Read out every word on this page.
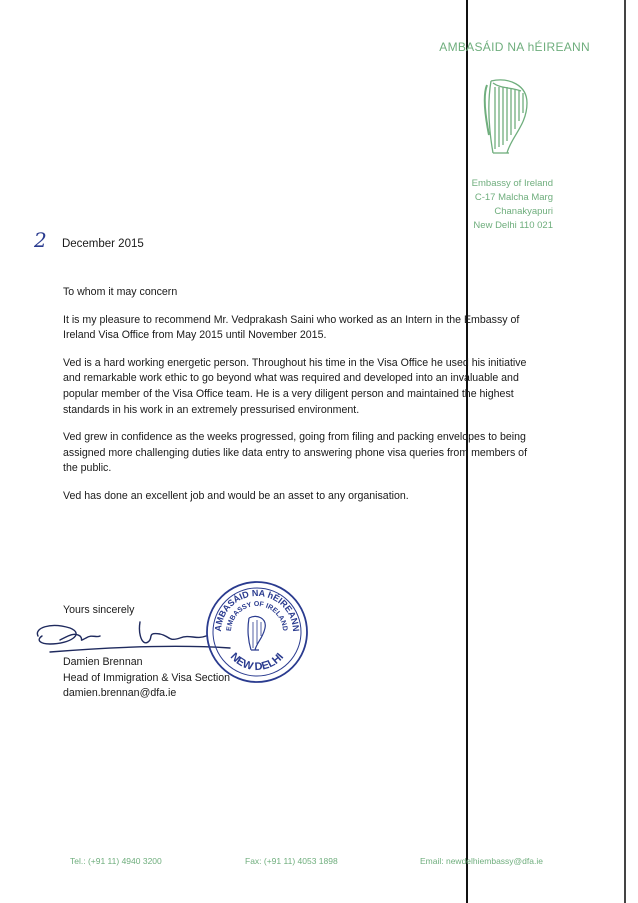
AMBASÁID NA hÉIREANN
Embassy of Ireland
C-17 Malcha Marg
Chanakyapuri
New Delhi 110 021
2 December 2015

To whom it may concern

It is my pleasure to recommend Mr. Vedprakash Saini who worked as an Intern in the Embassy of Ireland Visa Office from May 2015 until November 2015.

Ved is a hard working energetic person. Throughout his time in the Visa Office he used his initiative and remarkable work ethic to go beyond what was required and developed into an invaluable and popular member of the Visa Office team. He is a very diligent person and maintained the highest standards in his work in an extremely pressurised environment.

Ved grew in confidence as the weeks progressed, going from filing and packing envelopes to being assigned more challenging duties like data entry to answering phone visa queries from members of the public.

Ved has done an excellent job and would be an asset to any organisation.

Yours sincerely
AMBASÁID NA hÉIREANN
EMBASSY OF IRELAND
NEW DELHI
Damien Brennan
Head of Immigration & Visa Section
damien.brennan@dfa.ie
Tel.: (+91 11) 4940 3200	Fax: (+91 11) 4053 1898	Email: newdelhiembassy@dfa.ie
